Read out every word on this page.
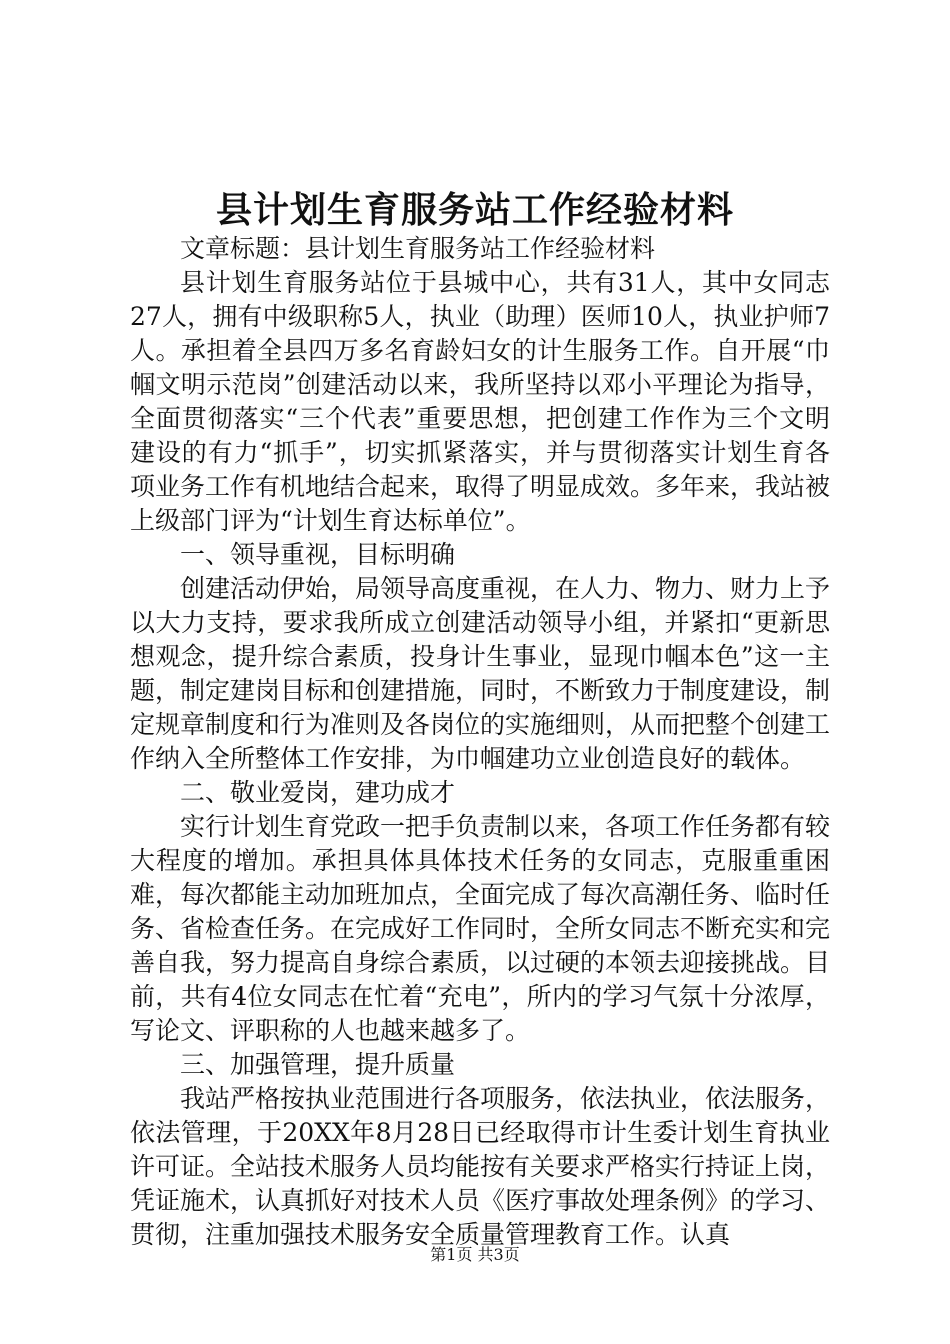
县计划生育服务站工作经验材料

文章标题：县计划生育服务站工作经验材料

县计划生育服务站位于县城中心，共有31人，其中女同志27人，拥有中级职称5人，执业（助理）医师10人，执业护师7人。承担着全县四万多名育龄妇女的计生服务工作。自开展“巾帼文明示范岗”创建活动以来，我所坚持以邓小平理论为指导，全面贯彻落实“三个代表”重要思想，把创建工作作为三个文明建设的有力“抓手”，切实抓紧落实，并与贯彻落实计划生育各项业务工作有机地结合起来，取得了明显成效。多年来，我站被上级部门评为“计划生育达标单位”。

一、领导重视，目标明确

创建活动伊始，局领导高度重视，在人力、物力、财力上予以大力支持，要求我所成立创建活动领导小组，并紧扣“更新思想观念，提升综合素质，投身计生事业，显现巾帼本色”这一主题，制定建岗目标和创建措施，同时，不断致力于制度建设，制定规章制度和行为准则及各岗位的实施细则，从而把整个创建工作纳入全所整体工作安排，为巾帼建功立业创造良好的载体。

二、敬业爱岗，建功成才

实行计划生育党政一把手负责制以来，各项工作任务都有较大程度的增加。承担具体具体技术任务的女同志，克服重重困难，每次都能主动加班加点，全面完成了每次高潮任务、临时任务、省检查任务。在完成好工作同时，全所女同志不断充实和完善自我，努力提高自身综合素质，以过硬的本领去迎接挑战。目前，共有4位女同志在忙着“充电”，所内的学习气氛十分浓厚，写论文、评职称的人也越来越多了。

三、加强管理，提升质量

我站严格按执业范围进行各项服务，依法执业，依法服务，依法管理，于20XX年8月28日已经取得市计生委计划生育执业许可证。全站技术服务人员均能按有关要求严格实行持证上岗，凭证施术，认真抓好对技术人员《医疗事故处理条例》的学习、贯彻，注重加强技术服务安全质量管理教育工作。认真

第1页 共3页
